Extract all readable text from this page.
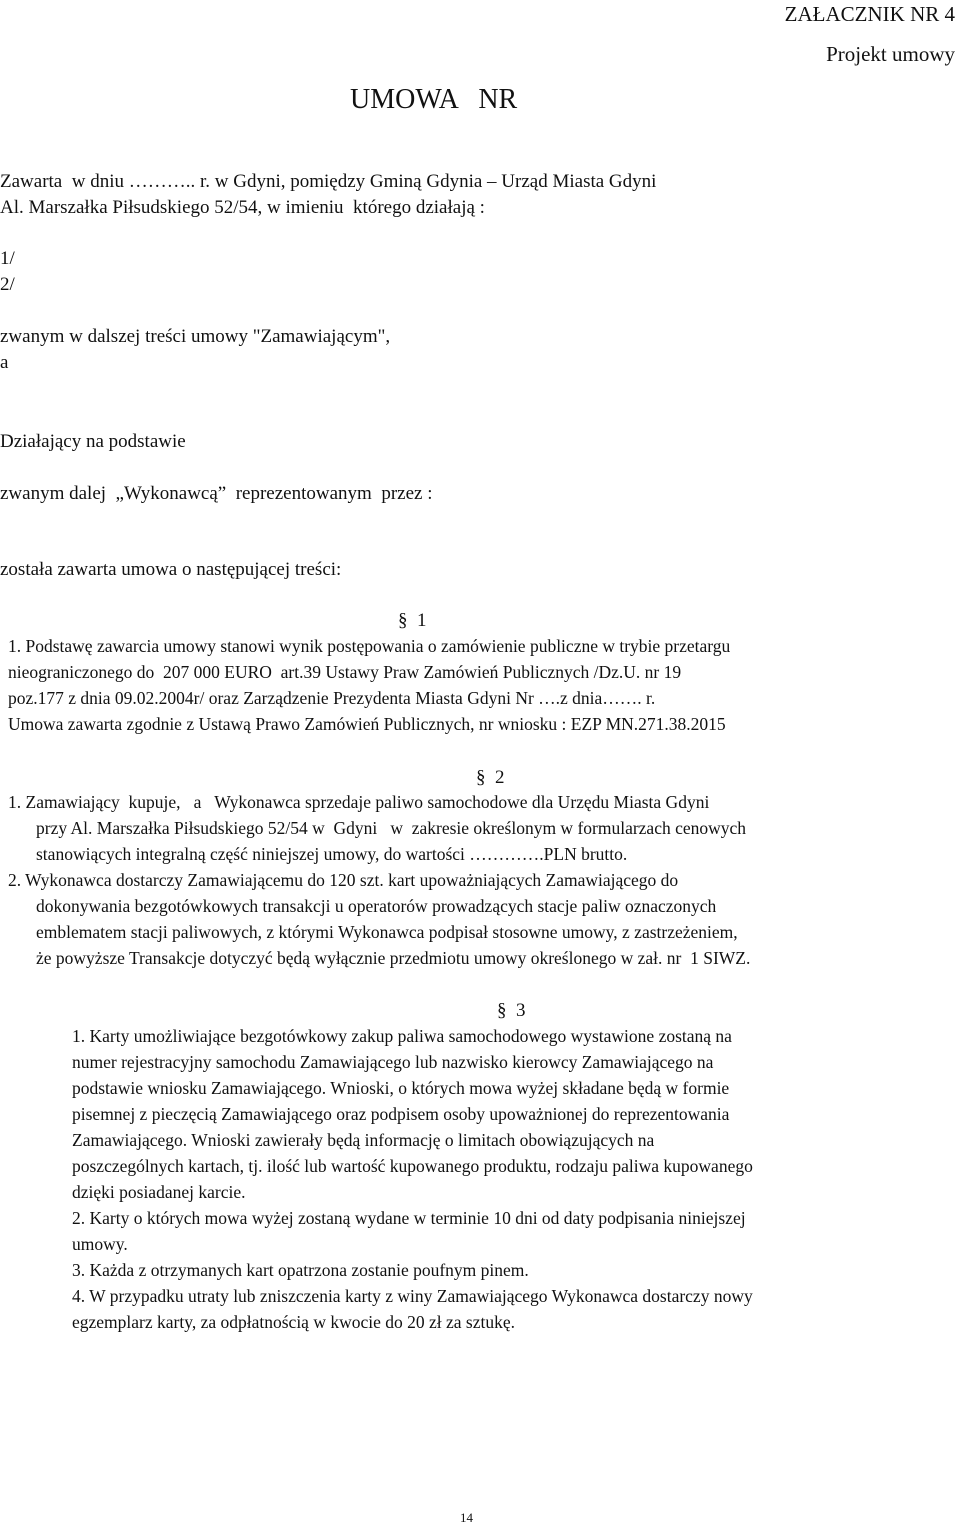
ZAŁACZNIK NR 4
Projekt umowy
UMOWA   NR
Zawarta  w dniu ……….. r. w Gdyni, pomiędzy Gminą Gdynia – Urząd Miasta Gdyni
Al. Marszałka Piłsudskiego 52/54, w imieniu  którego działają :
1/
2/
zwanym w dalszej treści umowy "Zamawiającym",
a
Działający na podstawie
zwanym dalej  „Wykonawcą”  reprezentowanym  przez :
została zawarta umowa o następującej treści:
§  1
1. Podstawę zawarcia umowy stanowi wynik postępowania o zamówienie publiczne w trybie przetargu
nieograniczonego do  207 000 EURO  art.39 Ustawy Praw Zamówień Publicznych /Dz.U. nr 19
poz.177 z dnia 09.02.2004r/ oraz Zarządzenie Prezydenta Miasta Gdyni Nr ….z dnia……. r.
Umowa zawarta zgodnie z Ustawą Prawo Zamówień Publicznych, nr wniosku : EZP MN.271.38.2015
§  2
1. Zamawiający  kupuje,   a   Wykonawca sprzedaje paliwo samochodowe dla Urzędu Miasta Gdyni
przy Al. Marszałka Piłsudskiego 52/54 w  Gdyni   w  zakresie określonym w formularzach cenowych
stanowiących integralną część niniejszej umowy, do wartości ………….PLN brutto.
2. Wykonawca dostarczy Zamawiającemu do 120 szt. kart upoważniających Zamawiającego do
dokonywania bezgotówkowych transakcji u operatorów prowadzących stacje paliw oznaczonych
emblematem stacji paliwowych, z którymi Wykonawca podpisał stosowne umowy, z zastrzeżeniem,
że powyższe Transakcje dotyczyć będą wyłącznie przedmiotu umowy określonego w zał. nr  1 SIWZ.
§  3
1. Karty umożliwiające bezgotówkowy zakup paliwa samochodowego wystawione zostaną na
numer rejestracyjny samochodu Zamawiającego lub nazwisko kierowcy Zamawiającego na
podstawie wniosku Zamawiającego. Wnioski, o których mowa wyżej składane będą w formie
pisemnej z pieczęcią Zamawiającego oraz podpisem osoby upoważnionej do reprezentowania
Zamawiającego. Wnioski zawierały będą informację o limitach obowiązujących na
poszczególnych kartach, tj. ilość lub wartość kupowanego produktu, rodzaju paliwa kupowanego
dzięki posiadanej karcie.
2. Karty o których mowa wyżej zostaną wydane w terminie 10 dni od daty podpisania niniejszej
umowy.
3. Każda z otrzymanych kart opatrzona zostanie poufnym pinem.
4. W przypadku utraty lub zniszczenia karty z winy Zamawiającego Wykonawca dostarczy nowy
egzemplarz karty, za odpłatnością w kwocie do 20 zł za sztukę.
14
